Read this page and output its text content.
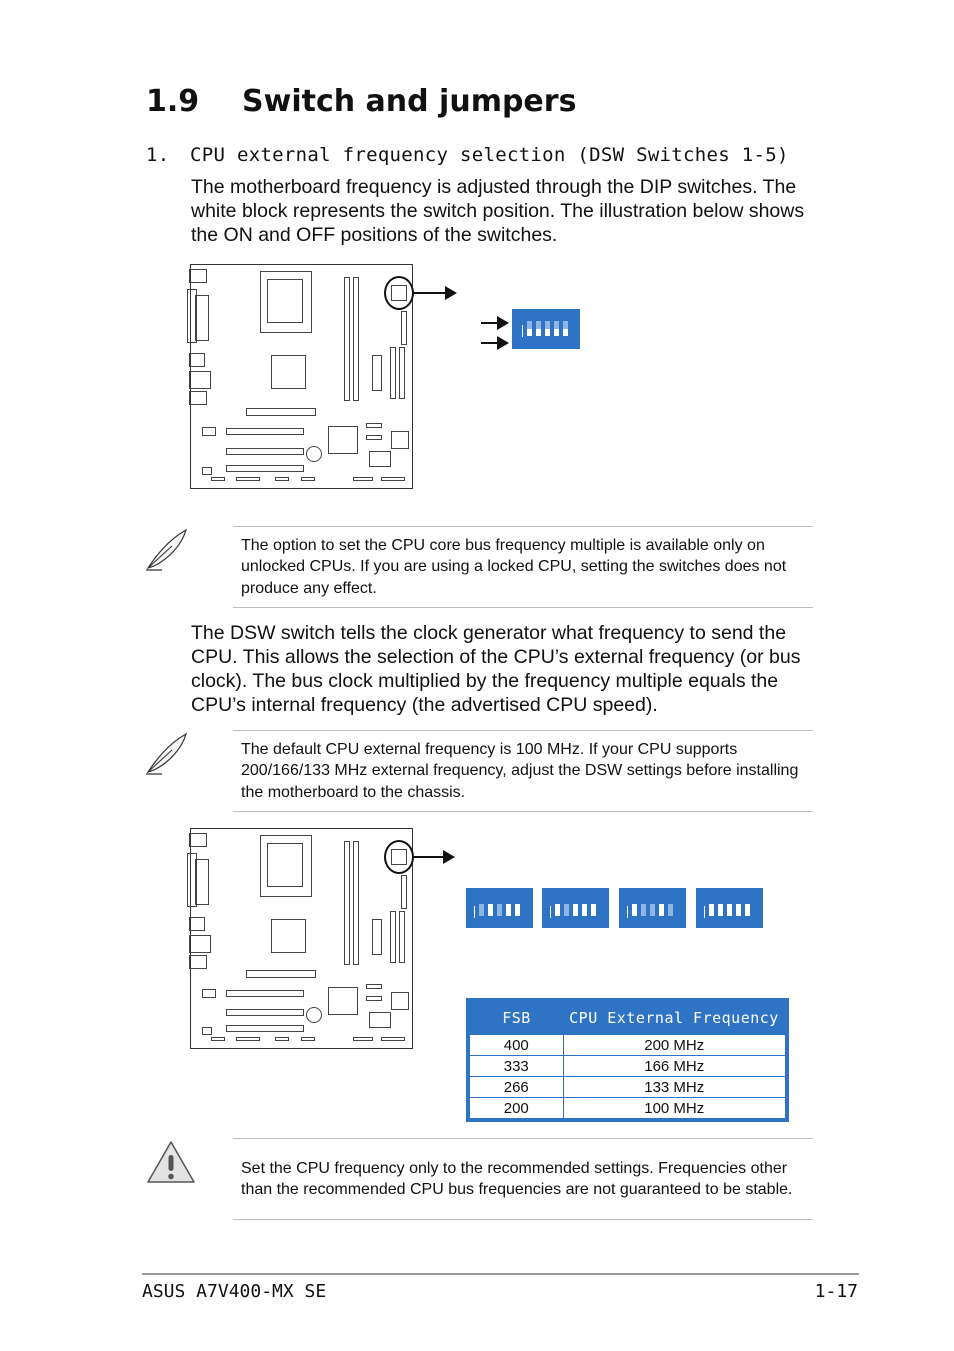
1.9 Switch and jumpers
1. CPU external frequency selection (DSW Switches 1-5)
The motherboard frequency is adjusted through the DIP switches. The white block represents the switch position. The illustration below shows the ON and OFF positions of the switches.

The option to set the CPU core bus frequency multiple is available only on unlocked CPUs. If you are using a locked CPU, setting the switches does not produce any effect.

The DSW switch tells the clock generator what frequency to send the CPU. This allows the selection of the CPU’s external frequency (or bus clock). The bus clock multiplied by the frequency multiple equals the CPU’s internal frequency (the advertised CPU speed).

The default CPU external frequency is 100 MHz. If your CPU supports 200/166/133 MHz external frequency, adjust the DSW settings before installing the motherboard to the chassis.

FSB	CPU External Frequency
400	200 MHz
333	166 MHz
266	133 MHz
200	100 MHz

Set the CPU frequency only to the recommended settings. Frequencies other than the recommended CPU bus frequencies are not guaranteed to be stable.

ASUS A7V400-MX SE	1-17
